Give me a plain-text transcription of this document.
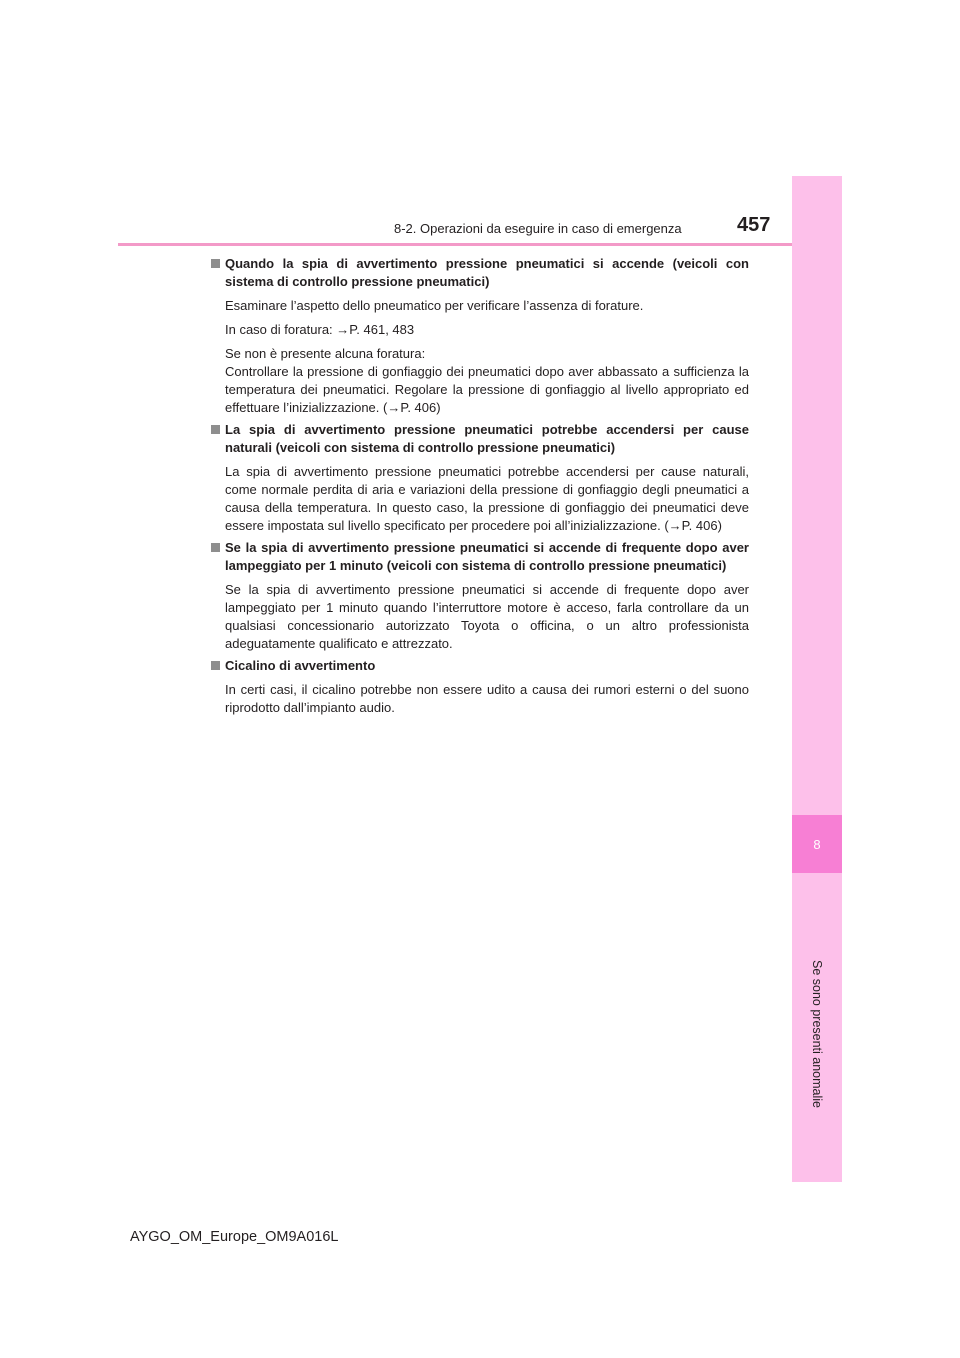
8-2. Operazioni da eseguire in caso di emergenza	457
8
Se sono presenti anomalie
Quando la spia di avvertimento pressione pneumatici si accende (veicoli con sistema di controllo pressione pneumatici)
Esaminare l’aspetto dello pneumatico per verificare l’assenza di forature.
In caso di foratura: →P. 461, 483
Se non è presente alcuna foratura:
Controllare la pressione di gonfiaggio dei pneumatici dopo aver abbassato a sufficienza la temperatura dei pneumatici. Regolare la pressione di gonfiaggio al livello appropriato ed effettuare l’inizializzazione. (→P. 406)
La spia di avvertimento pressione pneumatici potrebbe accendersi per cause naturali (veicoli con sistema di controllo pressione pneumatici)
La spia di avvertimento pressione pneumatici potrebbe accendersi per cause naturali, come normale perdita di aria e variazioni della pressione di gonfiaggio degli pneumatici a causa della temperatura. In questo caso, la pressione di gonfiaggio dei pneumatici deve essere impostata sul livello specificato per procedere poi all’inizializzazione. (→P. 406)
Se la spia di avvertimento pressione pneumatici si accende di frequente dopo aver lampeggiato per 1 minuto (veicoli con sistema di controllo pressione pneumatici)
Se la spia di avvertimento pressione pneumatici si accende di frequente dopo aver lampeggiato per 1 minuto quando l’interruttore motore è acceso, farla controllare da un qualsiasi concessionario autorizzato Toyota o officina, o un altro professionista adeguatamente qualificato e attrezzato.
Cicalino di avvertimento
In certi casi, il cicalino potrebbe non essere udito a causa dei rumori esterni o del suono riprodotto dall’impianto audio.
AYGO_OM_Europe_OM9A016L
